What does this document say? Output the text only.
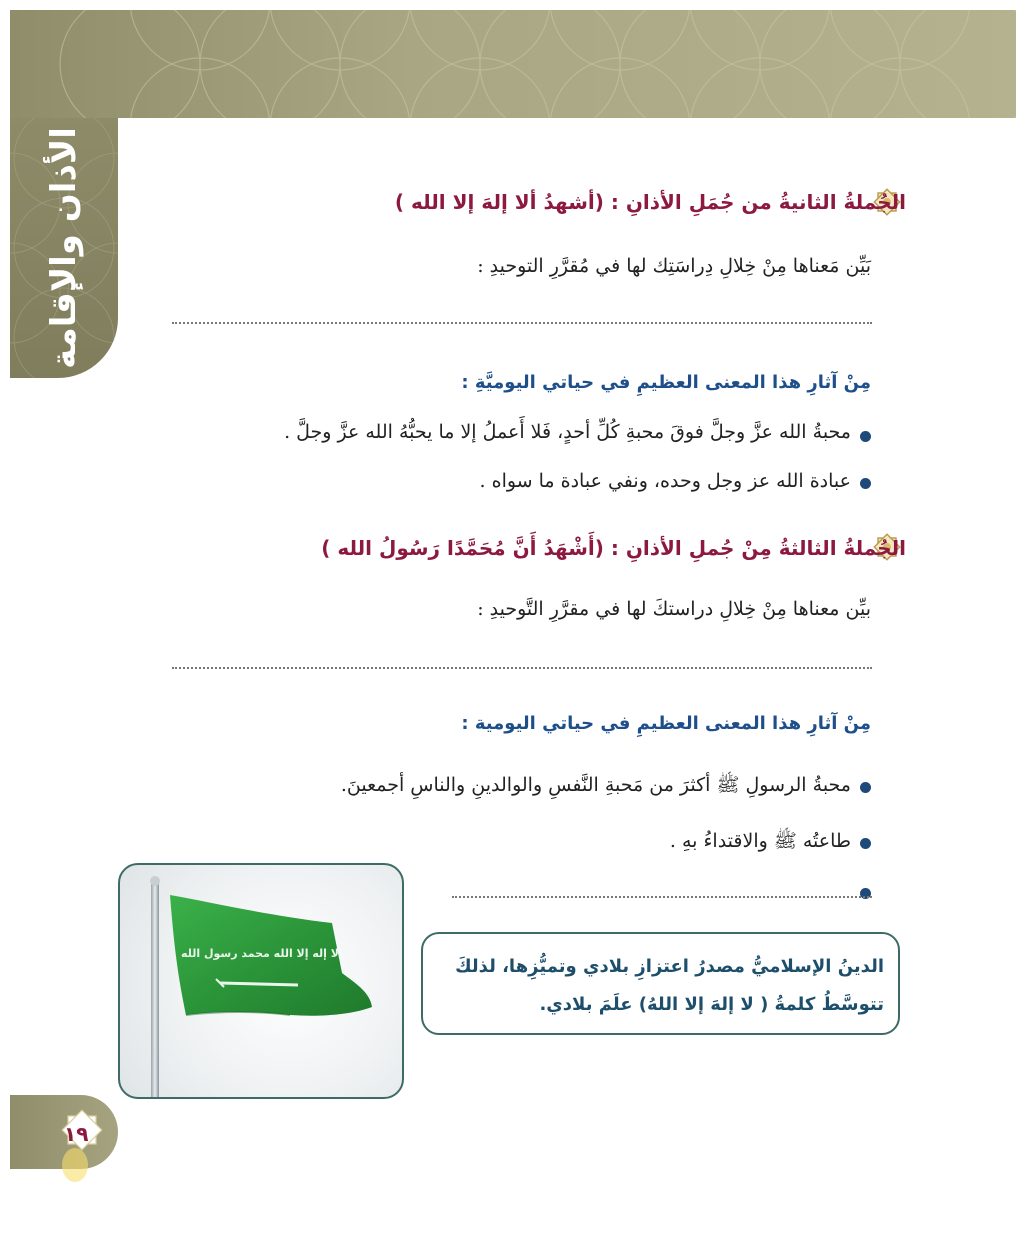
الأذان والإقامة	الجُملةُ الثانيةُ من جُمَلِ الأذانِ : (أشهدُ ألا إلهَ إلا الله )
بَيِّن مَعناها مِنْ خِلالِ دِراسَتِك لها في مُقرَّرِ التوحيدِ :
مِنْ آثارِ هذا المعنى العظيمِ في حياتي اليوميَّةِ :
محبةُ الله عزَّ وجلَّ فوقَ محبةِ كُلِّ أحدٍ، فَلا أَعملُ إلا ما يحبُّهُ الله عزَّ وجلَّ .
عبادة الله عز وجل وحده، ونفي عبادة ما سواه .
الجُملةُ الثالثةُ مِنْ جُملِ الأذانِ : (أَشْهَدُ أَنَّ مُحَمَّدًا رَسُولُ الله )
بيِّن معناها مِنْ خِلالِ دراستكَ لها في مقرَّرِ التَّوحيدِ :
مِنْ آثارِ هذا المعنى العظيمِ في حياتي اليومية :
محبةُ الرسولِ ﷺ أكثرَ من مَحبةِ النَّفسِ والوالدينِ والناسِ أجمعينَ.
طاعتُه ﷺ والاقتداءُ بهِ .
لا إله إلا الله محمد رسول الله
الدينُ الإسلاميُّ مصدرُ اعتزازِ بلادي وتميُّزِها، لذلكَ
تتوسَّطُ كلمةُ ( لا إلهَ إلا اللهُ) علَمَ بلادي.
١٩
